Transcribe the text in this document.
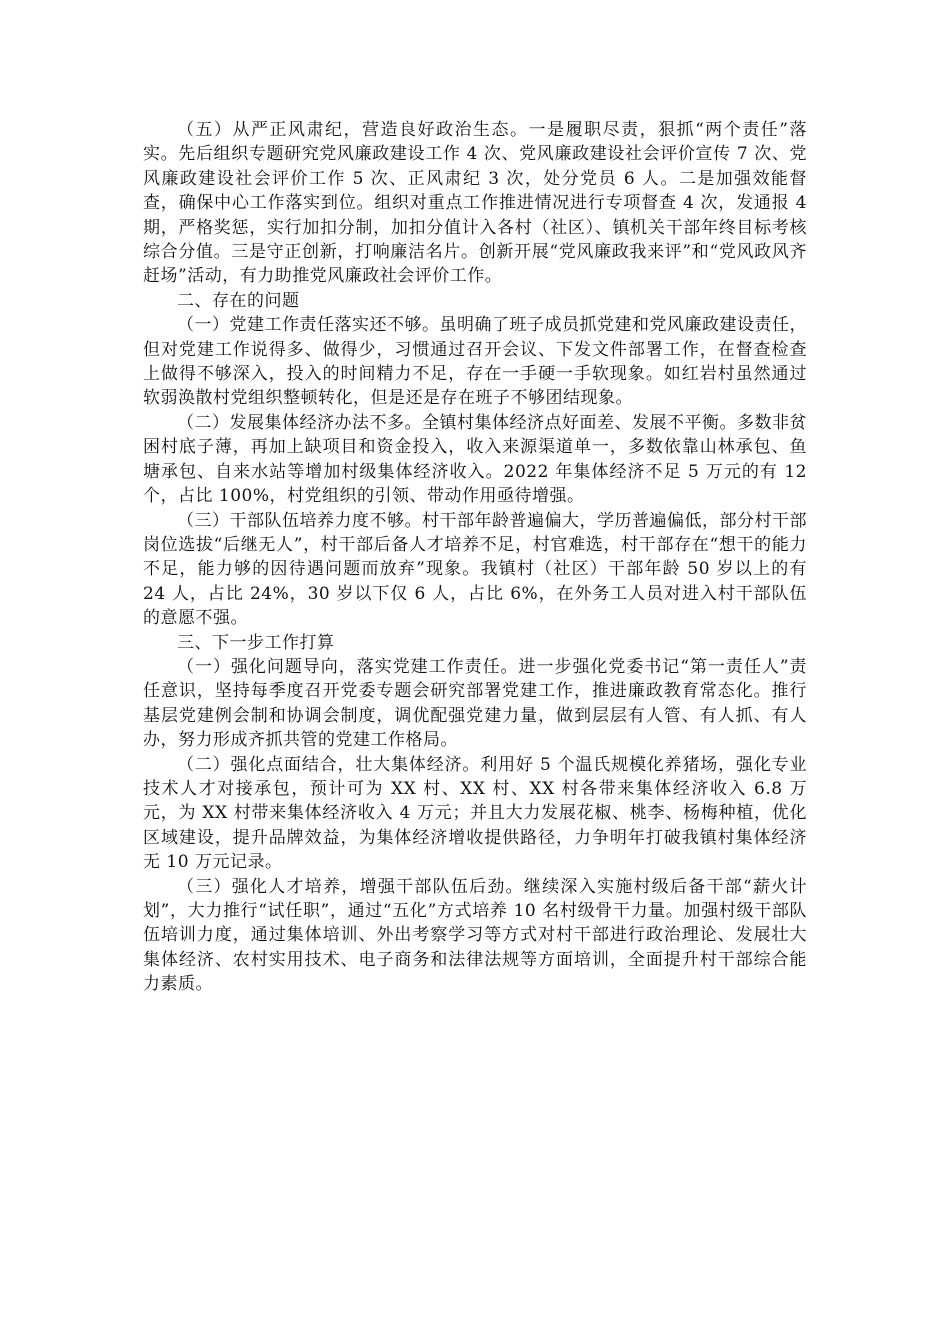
（五）从严正风肃纪，营造良好政治生态。一是履职尽责，狠抓“两个责任”落实。先后组织专题研究党风廉政建设工作 4 次、党风廉政建设社会评价宣传 7 次、党风廉政建设社会评价工作 5 次、正风肃纪 3 次，处分党员 6 人。二是加强效能督查，确保中心工作落实到位。组织对重点工作推进情况进行专项督查 4 次，发通报 4 期，严格奖惩，实行加扣分制，加扣分值计入各村（社区）、镇机关干部年终目标考核综合分值。三是守正创新，打响廉洁名片。创新开展“党风廉政我来评”和“党风政风齐赶场”活动，有力助推党风廉政社会评价工作。

二、存在的问题

（一）党建工作责任落实还不够。虽明确了班子成员抓党建和党风廉政建设责任，但对党建工作说得多、做得少，习惯通过召开会议、下发文件部署工作，在督查检查上做得不够深入，投入的时间精力不足，存在一手硬一手软现象。如红岩村虽然通过软弱涣散村党组织整顿转化，但是还是存在班子不够团结现象。

（二）发展集体经济办法不多。全镇村集体经济点好面差、发展不平衡。多数非贫困村底子薄，再加上缺项目和资金投入，收入来源渠道单一，多数依靠山林承包、鱼塘承包、自来水站等增加村级集体经济收入。2022 年集体经济不足 5 万元的有 12 个，占比 100%，村党组织的引领、带动作用亟待增强。

（三）干部队伍培养力度不够。村干部年龄普遍偏大，学历普遍偏低，部分村干部岗位选拔“后继无人”，村干部后备人才培养不足，村官难选，村干部存在“想干的能力不足，能力够的因待遇问题而放弃”现象。我镇村（社区）干部年龄 50 岁以上的有 24 人，占比 24%，30 岁以下仅 6 人，占比 6%，在外务工人员对进入村干部队伍的意愿不强。

三、下一步工作打算

（一）强化问题导向，落实党建工作责任。进一步强化党委书记“第一责任人”责任意识，坚持每季度召开党委专题会研究部署党建工作，推进廉政教育常态化。推行基层党建例会制和协调会制度，调优配强党建力量，做到层层有人管、有人抓、有人办，努力形成齐抓共管的党建工作格局。

（二）强化点面结合，壮大集体经济。利用好 5 个温氏规模化养猪场，强化专业技术人才对接承包，预计可为 XX 村、XX 村、XX 村各带来集体经济收入 6.8 万元，为 XX 村带来集体经济收入 4 万元；并且大力发展花椒、桃李、杨梅种植，优化区域建设，提升品牌效益，为集体经济增收提供路径，力争明年打破我镇村集体经济无 10 万元记录。

（三）强化人才培养，增强干部队伍后劲。继续深入实施村级后备干部“薪火计划”，大力推行“试任职”，通过“五化”方式培养 10 名村级骨干力量。加强村级干部队伍培训力度，通过集体培训、外出考察学习等方式对村干部进行政治理论、发展壮大集体经济、农村实用技术、电子商务和法律法规等方面培训，全面提升村干部综合能力素质。
